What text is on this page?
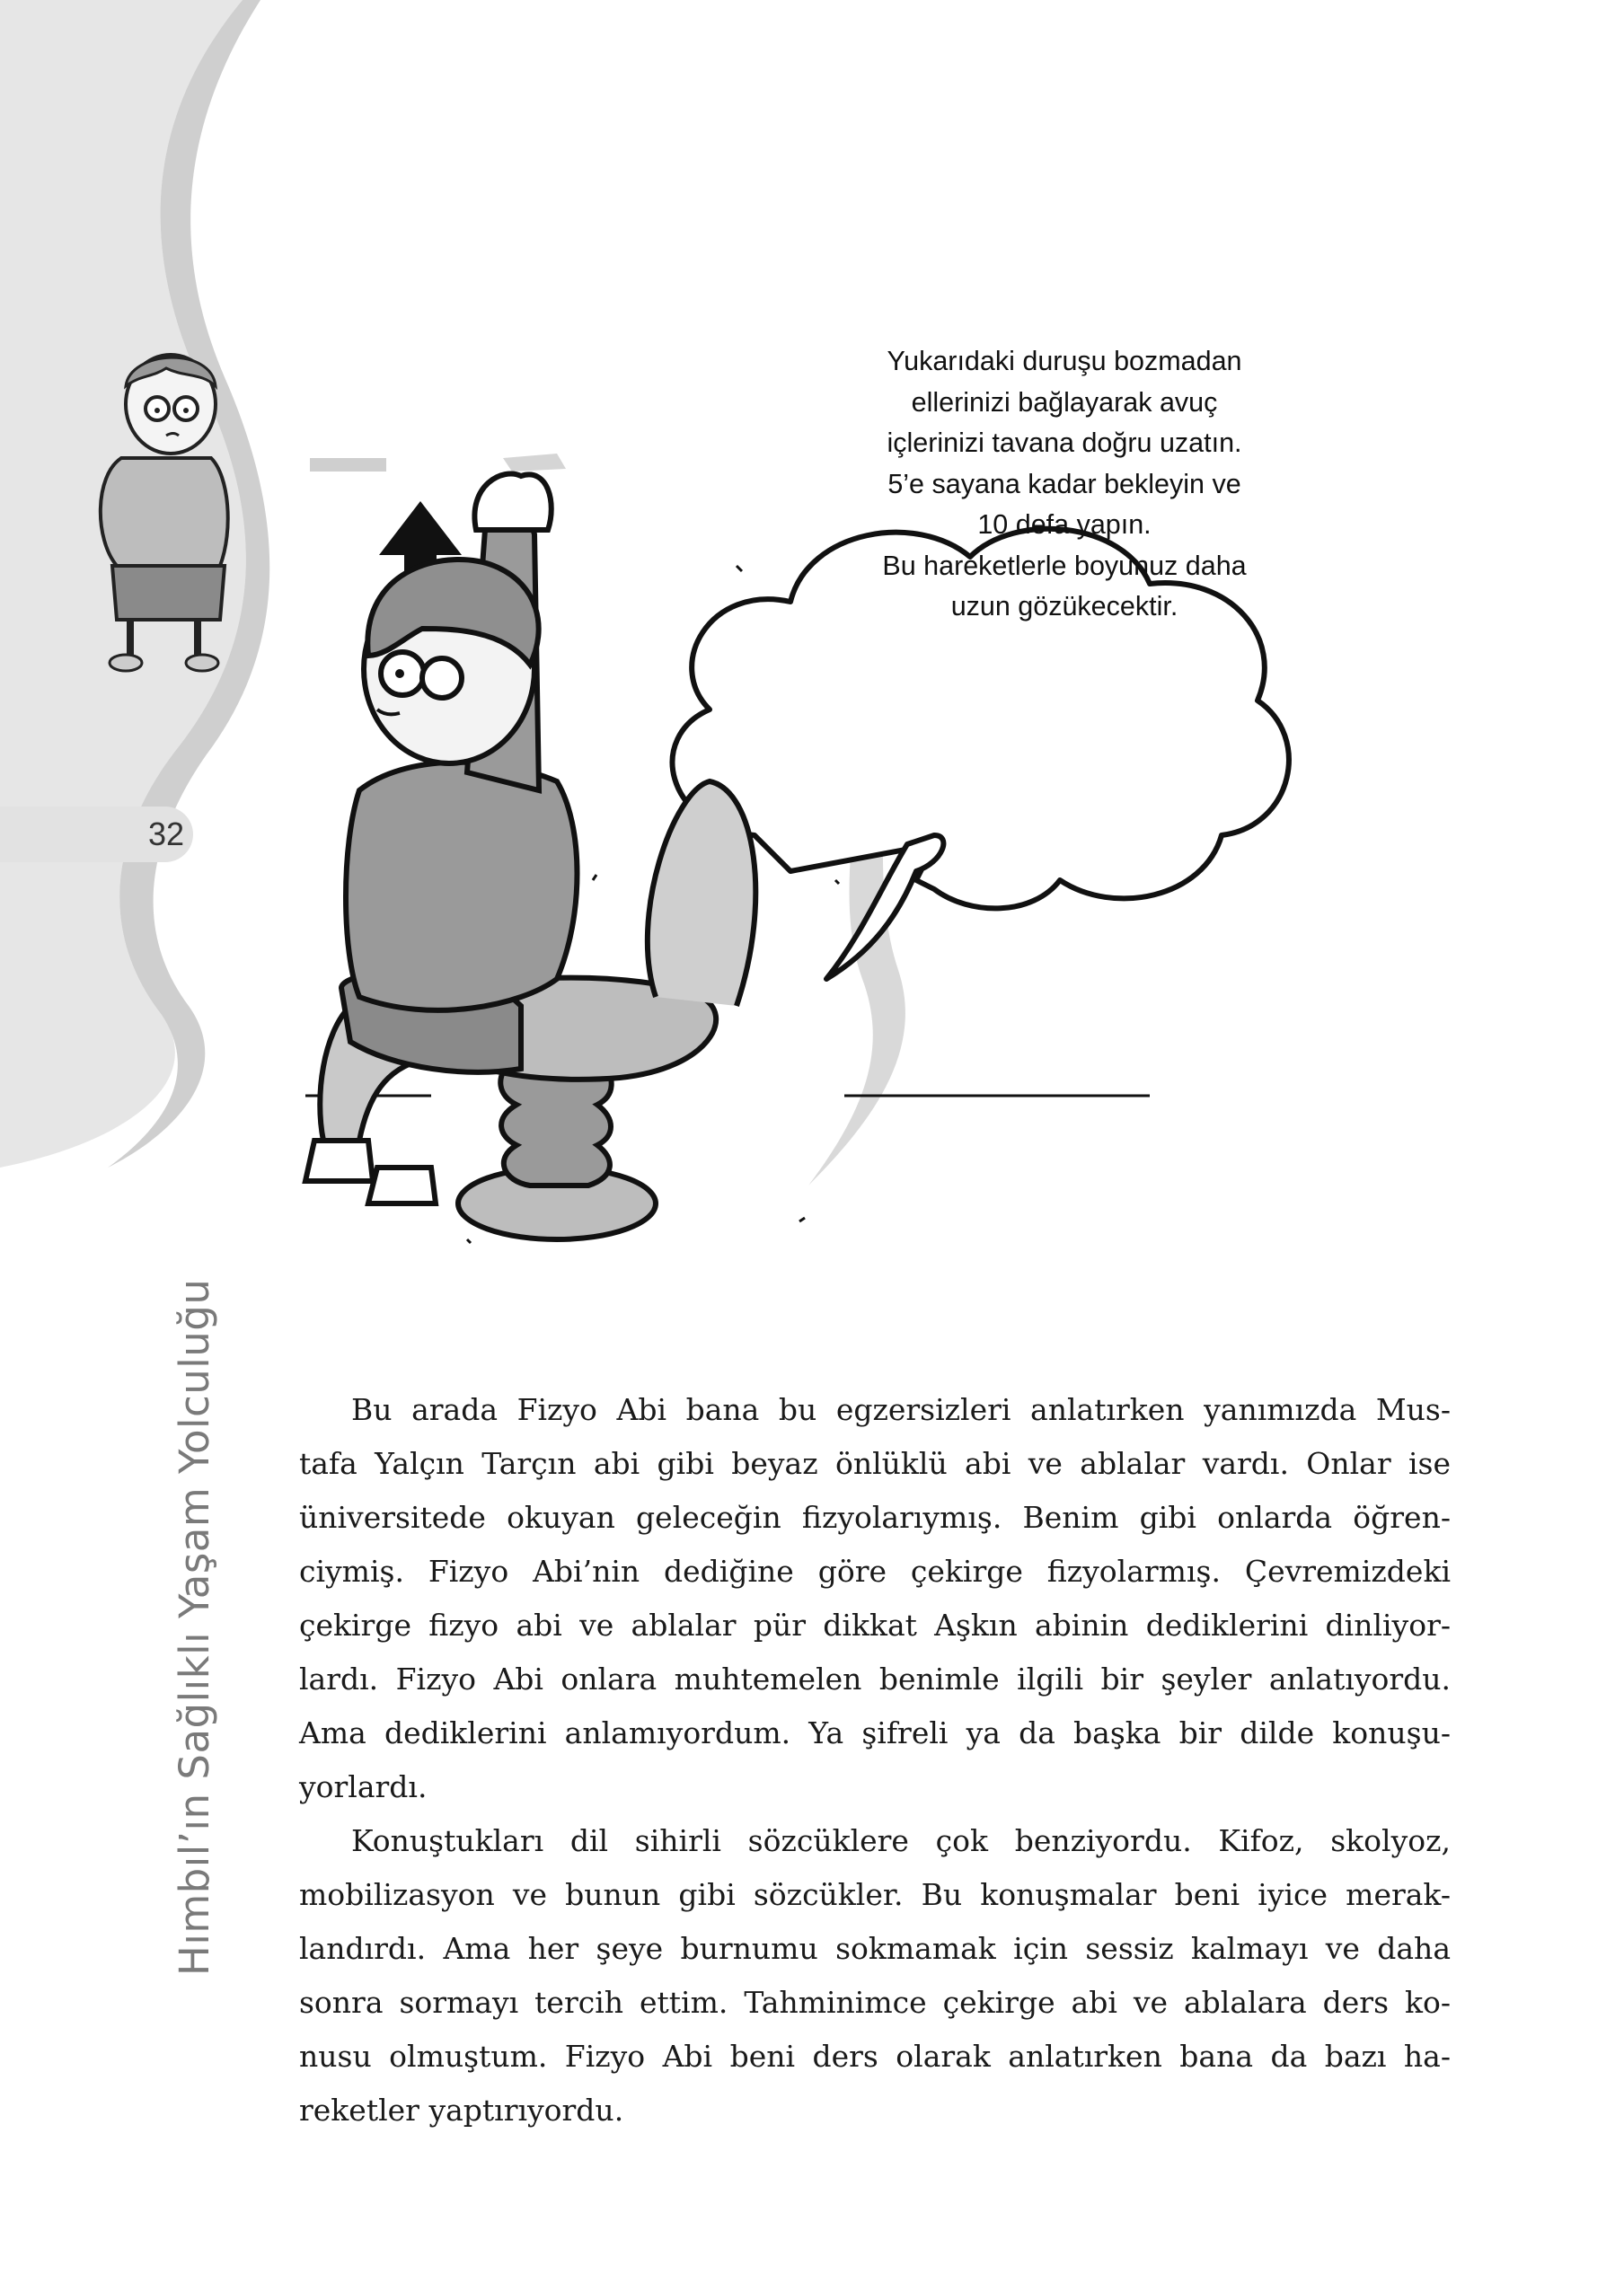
32
Hımbıl’ın Sağlıklı Yaşam Yolculuğu
Yukarıdaki duruşu bozmadan
ellerinizi bağlayarak avuç
içlerinizi tavana doğru uzatın.
5’e sayana kadar bekleyin ve
10 defa yapın.
Bu hareketlerle boyunuz daha
uzun gözükecektir.
Bu arada Fizyo Abi bana bu egzersizleri anlatırken yanımızda Mus-
tafa Yalçın Tarçın abi gibi beyaz önlüklü abi ve ablalar vardı. Onlar ise
üniversitede okuyan geleceğin fizyolarıymış. Benim gibi onlarda öğren-
ciymiş. Fizyo Abi’nin dediğine göre çekirge fizyolarmış. Çevremizdeki
çekirge fizyo abi ve ablalar pür dikkat Aşkın abinin dediklerini dinliyor-
lardı. Fizyo Abi onlara muhtemelen benimle ilgili bir şeyler anlatıyordu.
Ama dediklerini anlamıyordum. Ya şifreli ya da başka bir dilde konuşu-
yorlardı.
Konuştukları dil sihirli sözcüklere çok benziyordu. Kifoz, skolyoz,
mobilizasyon ve bunun gibi sözcükler. Bu konuşmalar beni iyice merak-
landırdı. Ama her şeye burnumu sokmamak için sessiz kalmayı ve daha
sonra sormayı tercih ettim. Tahminimce çekirge abi ve ablalara ders ko-
nusu olmuştum. Fizyo Abi beni ders olarak anlatırken bana da bazı ha-
reketler yaptırıyordu.
